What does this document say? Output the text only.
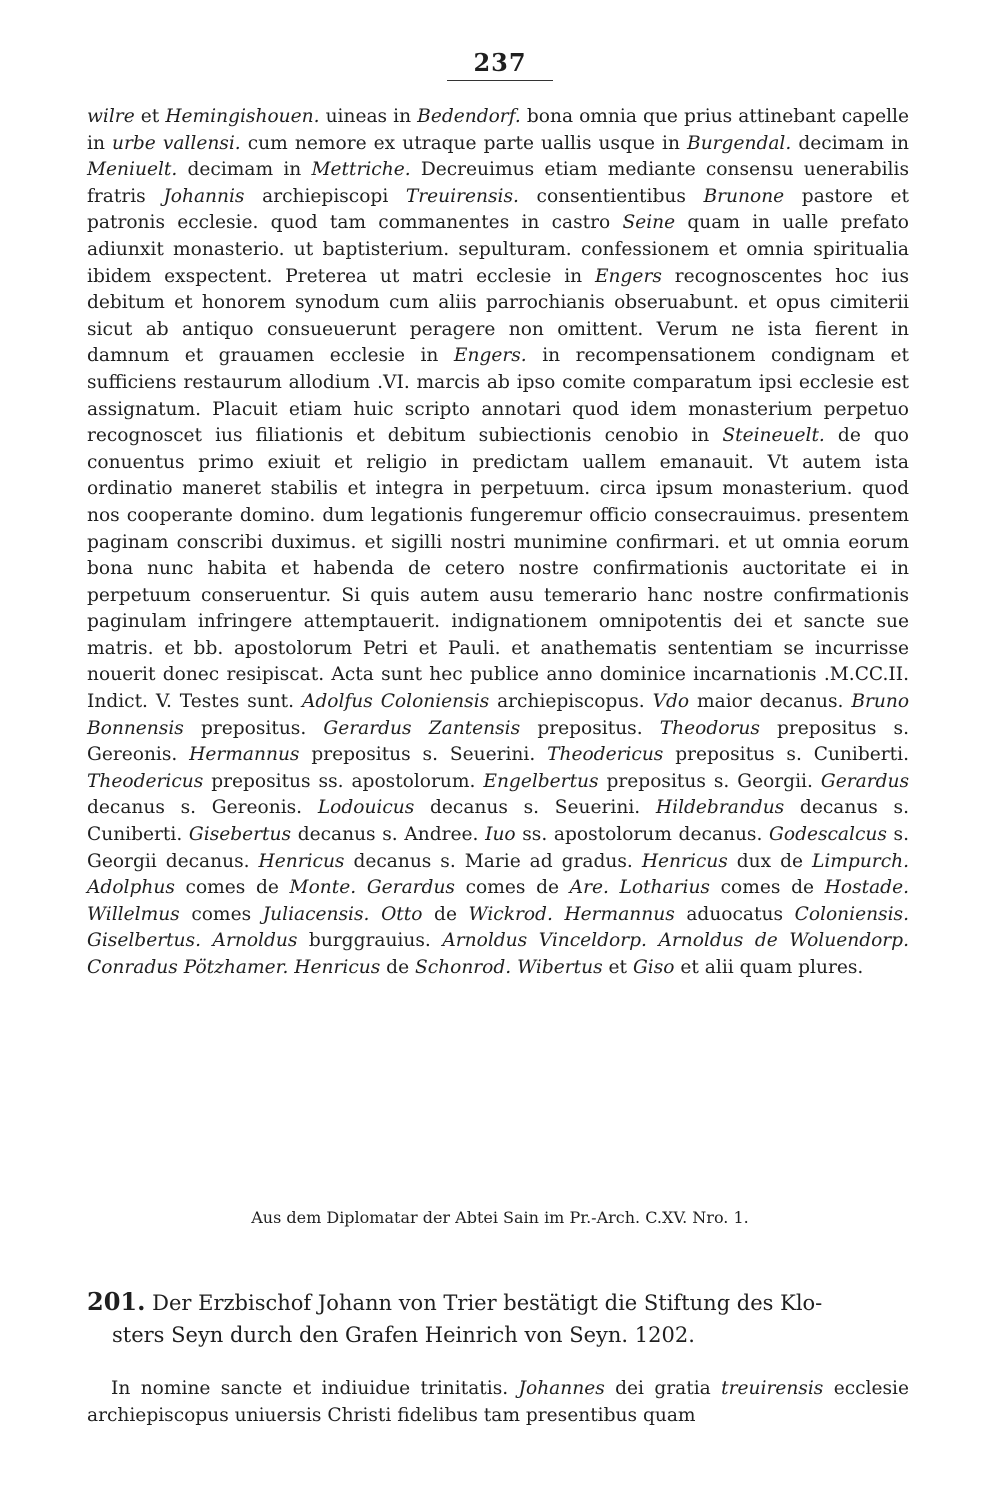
237

wilre et Hemingishouen. uineas in Bedendorf. bona omnia que prius attinebant capelle in urbe vallensi. cum nemore ex utraque parte uallis usque in Burgendal. decimam in Meniuelt. decimam in Mettriche. Decreuimus etiam mediante consensu uenerabilis fratris Johannis archiepiscopi Treuirensis. consentientibus Brunone pastore et patronis ecclesie. quod tam commanentes in castro Seine quam in ualle prefato adiunxit monasterio. ut baptisterium. sepulturam. confessionem et omnia spiritualia ibidem exspectent. Preterea ut matri ecclesie in Engers recognoscentes hoc ius debitum et honorem synodum cum aliis parrochianis obseruabunt. et opus cimiterii sicut ab antiquo consueuerunt peragere non omittent. Verum ne ista fierent in damnum et grauamen ecclesie in Engers. in recompensationem condignam et sufficiens restaurum allodium .VI. marcis ab ipso comite comparatum ipsi ecclesie est assignatum. Placuit etiam huic scripto annotari quod idem monasterium perpetuo recognoscet ius filiationis et debitum subiectionis cenobio in Steineuelt. de quo conuentus primo exiuit et religio in predictam uallem emanauit. Vt autem ista ordinatio maneret stabilis et integra in perpetuum. circa ipsum monasterium. quod nos cooperante domino. dum legationis fungeremur officio consecrauimus. presentem paginam conscribi duximus. et sigilli nostri munimine confirmari. et ut omnia eorum bona nunc habita et habenda de cetero nostre confirmationis auctoritate ei in perpetuum conseruentur. Si quis autem ausu temerario hanc nostre confirmationis paginulam infringere attemptauerit. indignationem omnipotentis dei et sancte sue matris. et bb. apostolorum Petri et Pauli. et anathematis sententiam se incurrisse nouerit donec resipiscat. Acta sunt hec publice anno dominice incarnationis .M.CC.II. Indict. V. Testes sunt. Adolfus Coloniensis archiepiscopus. Vdo maior decanus. Bruno Bonnensis prepositus. Gerardus Zantensis prepositus. Theodorus prepositus s. Gereonis. Hermannus prepositus s. Seuerini. Theodericus prepositus s. Cuniberti. Theodericus prepositus ss. apostolorum. Engelbertus prepositus s. Georgii. Gerardus decanus s. Gereonis. Lodouicus decanus s. Seuerini. Hildebrandus decanus s. Cuniberti. Gisebertus decanus s. Andree. Iuo ss. apostolorum decanus. Godescalcus s. Georgii decanus. Henricus decanus s. Marie ad gradus. Henricus dux de Limpurch. Adolphus comes de Monte. Gerardus comes de Are. Lotharius comes de Hostade. Willelmus comes Juliacensis. Otto de Wickrod. Hermannus aduocatus Coloniensis. Giselbertus. Arnoldus burggrauius. Arnoldus Vinceldorp. Arnoldus de Woluendorp. Conradus Pötzhamer. Henricus de Schonrod. Wibertus et Giso et alii quam plures.

Aus dem Diplomatar der Abtei Sain im Pr.-Arch. C.XV. Nro. 1.

201. Der Erzbischof Johann von Trier bestätigt die Stiftung des Klo-
sters Seyn durch den Grafen Heinrich von Seyn. 1202.

In nomine sancte et indiuidue trinitatis. Johannes dei gratia treuirensis ecclesie archiepiscopus uniuersis Christi fidelibus tam presentibus quam
